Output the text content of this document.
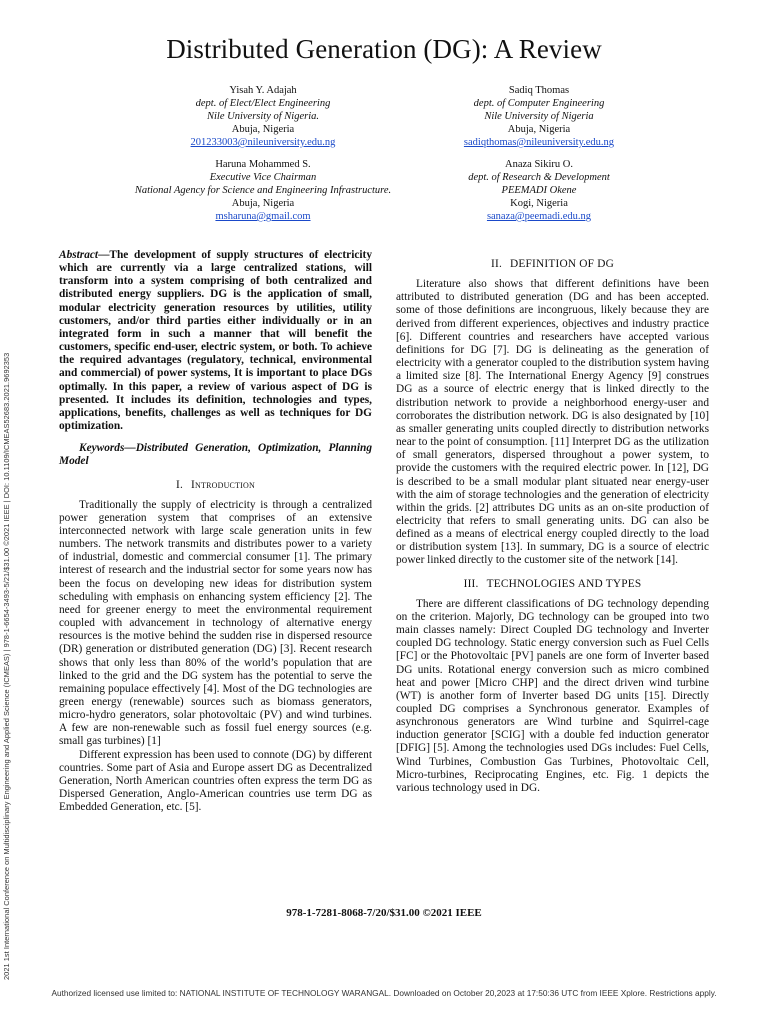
2021 1st International Conference on Multidisciplinary Engineering and Applied Science (ICMEAS) | 978-1-6654-3493-5/21/$31.00 ©2021 IEEE | DOI: 10.1109/ICMEAS52683.2021.9692353
Distributed Generation (DG): A Review
Yisah Y. Adajah
dept. of Elect/Elect Engineering
Nile University of Nigeria.
Abuja, Nigeria
201233003@nileuniversity.edu.ng
Sadiq Thomas
dept. of Computer Engineering
Nile University of Nigeria
Abuja, Nigeria
sadiqthomas@nileuniversity.edu.ng
Haruna Mohammed S.
Executive Vice Chairman
National Agency for Science and Engineering Infrastructure.
Abuja, Nigeria
msharuna@gmail.com
Anaza Sikiru O.
dept. of Research & Development
PEEMADI Okene
Kogi, Nigeria
sanaza@peemadi.edu.ng

Abstract—The development of supply structures of electricity which are currently via a large centralized stations, will transform into a system comprising of both centralized and distributed energy suppliers. DG is the application of small, modular electricity generation resources by utilities, utility customers, and/or third parties either individually or in an integrated form in such a manner that will benefit the customers, specific end-user, electric system, or both. To achieve the required advantages (regulatory, technical, environmental and commercial) of power systems, It is important to place DGs optimally. In this paper, a review of various aspect of DG is presented. It includes its definition, technologies and types, applications, benefits, challenges as well as techniques for DG optimization.

Keywords—Distributed Generation, Optimization, Planning Model

I. Introduction

Traditionally the supply of electricity is through a centralized power generation system that comprises of an extensive interconnected network with large scale generation units in few numbers. The network transmits and distributes power to a variety of industrial, domestic and commercial consumer [1]. The primary interest of research and the industrial sector for some years now has been the focus on developing new ideas for distribution system scheduling with emphasis on enhancing system efficiency [2]. The need for greener energy to meet the environmental requirement coupled with advancement in technology of alternative energy resources is the motive behind the sudden rise in dispersed resource (DR) generation or distributed generation (DG) [3]. Recent research shows that only less than 80% of the world’s population that are linked to the grid and the DG system has the potential to serve the remaining populace effectively [4]. Most of the DG technologies are green energy (renewable) sources such as biomass generators, micro-hydro generators, solar photovoltaic (PV) and wind turbines. A few are non-renewable such as fossil fuel energy sources (e.g. small gas turbines) [1]

Different expression has been used to connote (DG) by different countries. Some part of Asia and Europe assert DG as Decentralized Generation, North American countries often express the term DG as Dispersed Generation, Anglo-American countries use term DG as Embedded Generation, etc. [5].

II. DEFINITION OF DG

Literature also shows that different definitions have been attributed to distributed generation (DG and has been accepted. some of those definitions are incongruous, likely because they are derived from different experiences, objectives and industry practice [6]. Different countries and researchers have accepted various definitions for DG [7]. DG is delineating as the generation of electricity with a generator coupled to the distribution system having a limited size [8]. The International Energy Agency [9] construes DG as a source of electric energy that is linked directly to the distribution network to provide a neighborhood energy-user and corroborates the distribution network. DG is also designated by [10] as smaller generating units coupled directly to distribution networks near to the point of consumption. [11] Interpret DG as the utilization of small generators, dispersed throughout a power system, to provide the customers with the required electric power. In [12], DG is described to be a small modular plant situated near energy-user with the aim of storage technologies and the generation of electricity within the grids. [2] attributes DG units as an on-site production of electricity that refers to small generating units. DG can also be defined as a means of electrical energy coupled directly to the load or distribution system [13]. In summary, DG is a source of electric power linked directly to the customer site of the network [14].

III. TECHNOLOGIES AND TYPES

There are different classifications of DG technology depending on the criterion. Majorly, DG technology can be grouped into two main classes namely: Direct Coupled DG technology and Inverter coupled DG technology. Static energy conversion such as Fuel Cells [FC] or the Photovoltaic [PV] panels are one form of Inverter based DG units. Rotational energy conversion such as micro combined heat and power [Micro CHP] and the direct driven wind turbine (WT) is another form of Inverter based DG units [15]. Directly coupled DG comprises a Synchronous generator. Examples of asynchronous generators are Wind turbine and Squirrel-cage induction generator [SCIG] with a double fed induction generator [DFIG] [5]. Among the technologies used DGs includes: Fuel Cells, Wind Turbines, Combustion Gas Turbines, Photovoltaic Cell, Micro-turbines, Reciprocating Engines, etc. Fig. 1 depicts the various technology used in DG.

978-1-7281-8068-7/20/$31.00 ©2021 IEEE
Authorized licensed use limited to: NATIONAL INSTITUTE OF TECHNOLOGY WARANGAL. Downloaded on October 20,2023 at 17:50:36 UTC from IEEE Xplore. Restrictions apply.
